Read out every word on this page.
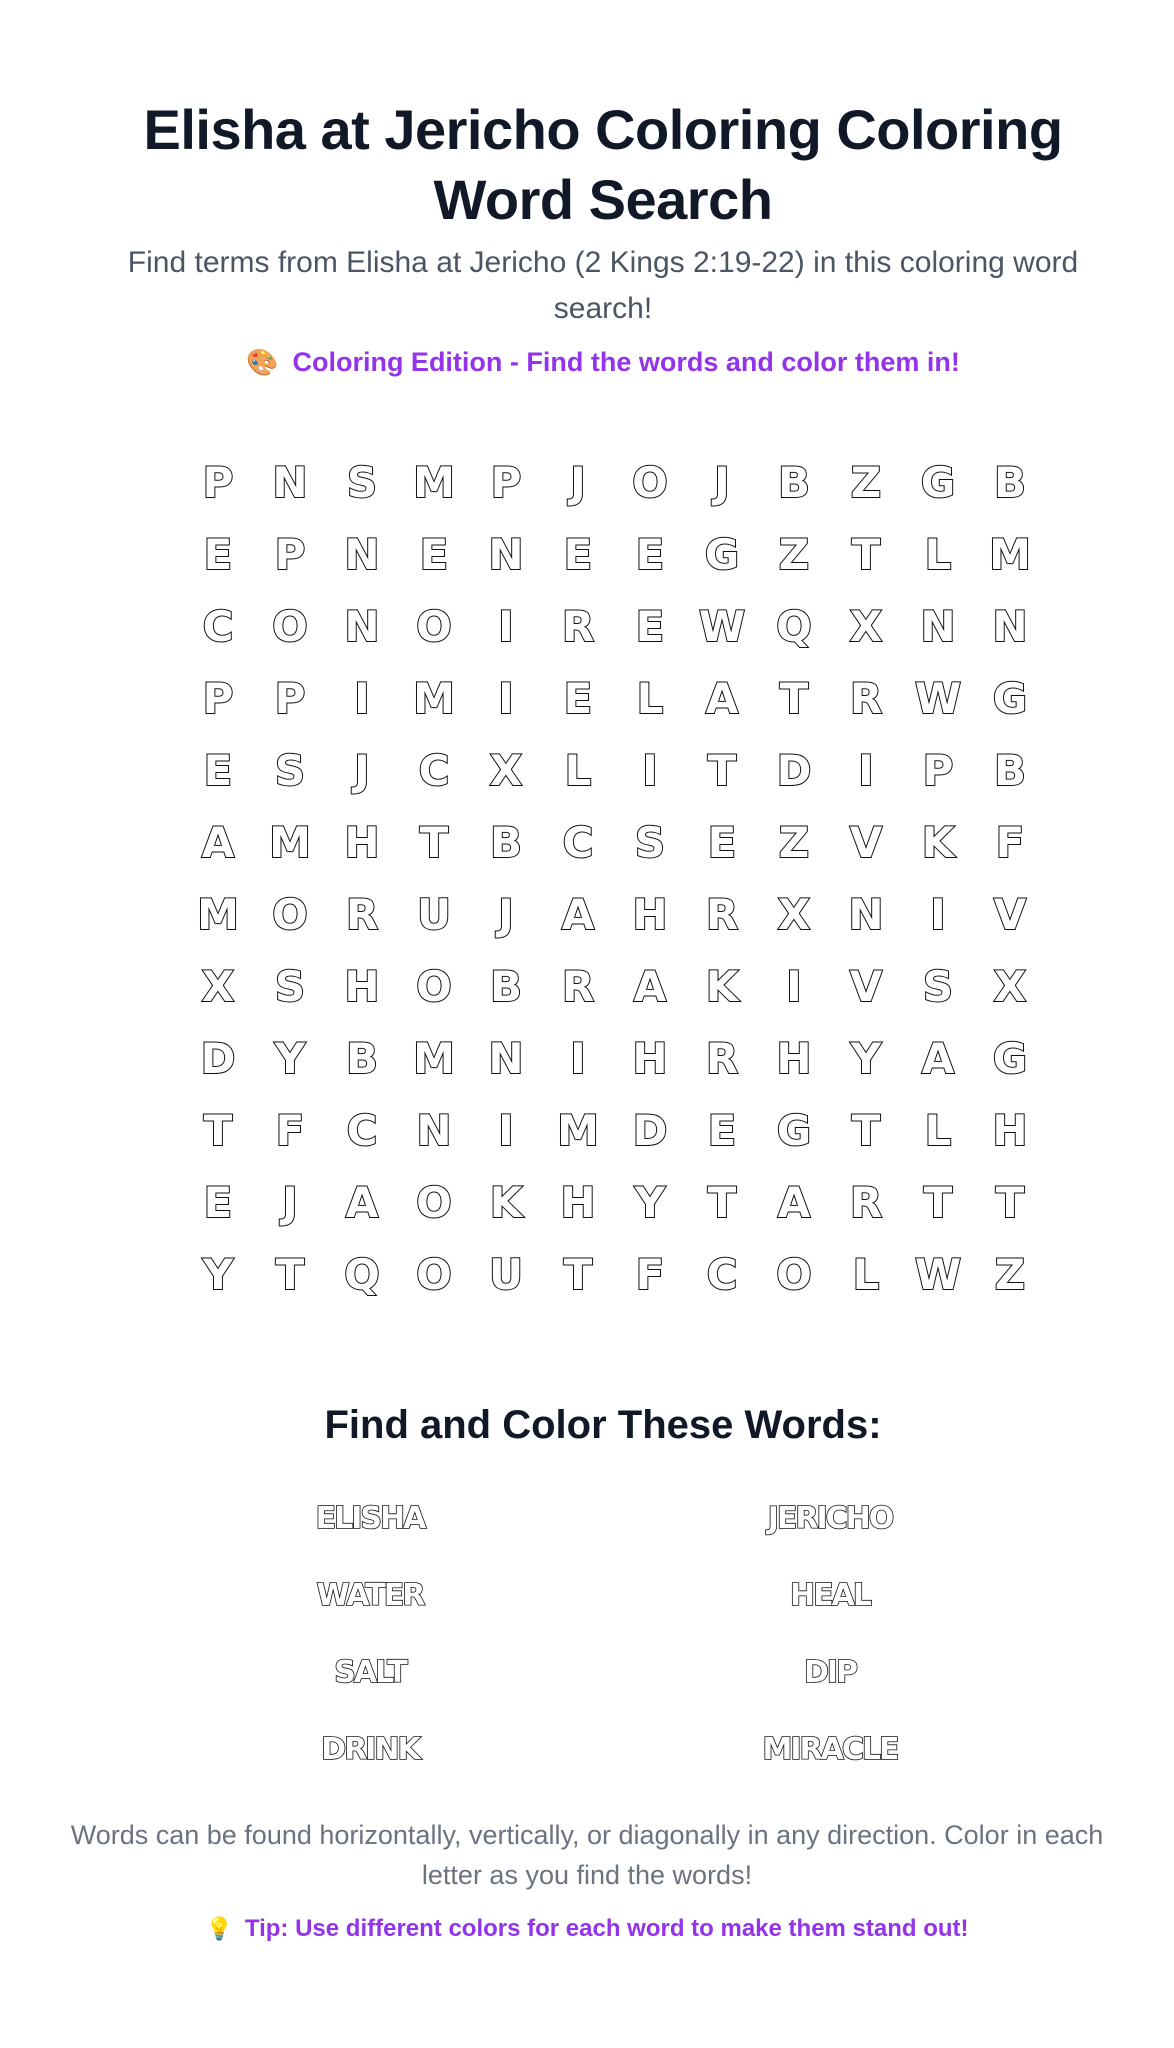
Elisha at Jericho Coloring Coloring Word Search

Find terms from Elisha at Jericho (2 Kings 2:19-22) in this coloring word search!

🎨 Coloring Edition - Find the words and color them in!
P N S M P	J	O	J	B Z G B
E	P N E N E	E G Z	T	L M
C O N O	I	R E W Q X N N
P P	I	M	I	E	L	A T R W G
E	S	J	C X	L	I	T D	I	P B
A M H T B C S	E	Z V K F
M O R U	J	A H R X N	I	V
X S H O B R A K	I	V S X
D Y B M N	I	H R H Y A G
T	F	C N	I	M D E G T	L H
E	J	A O K H Y	T A R T	T
Y	T Q O U T	F	C O L W Z
Find and Color These Words:
ELISHA	JERICHO
WATER	HEAL
SALT	DIP
DRINK	MIRACLE

Words can be found horizontally, vertically, or diagonally in any direction. Color in each letter as you find the words!

💡 Tip: Use different colors for each word to make them stand out!
